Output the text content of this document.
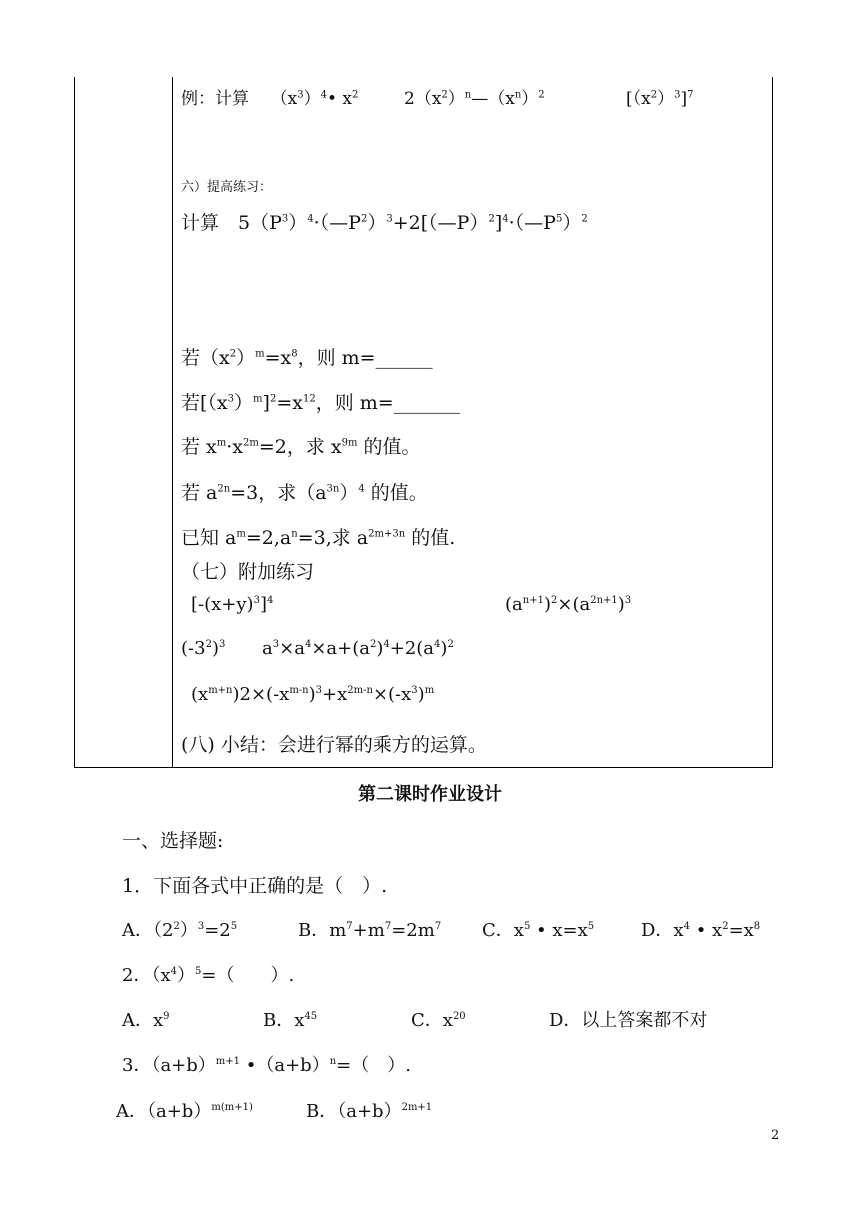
例：计算 $(x^3)^4•$ $x^2$	$2(x^2)^n—(x^n)^2$	$[(x^2)^3]^7$
六）提高练习：
计算　$5(P^3)^4\cdot(—P^2)^3+2[(—P)^2]^4\cdot(—P^5)^2$
若$(x^2)^m=x^8$，则 m=______
若$[(x^3)^m]^2=x^{12}$，则 m=_______
若 $x^m\cdot x^{2m}=2$，求 $x^{9m}$ 的值。
若 $a^{2n}=3$，求$(a^{3n})^4$ 的值。
已知 $a^m=2,a^n=3$,求 $a^{2m+3n}$ 的值.
（七）附加练习
$[-(x+y)^3]^4$	$(a^{n+1})^2\times(a^{2n+1})^3$
$(-3^2)^3$ $a^3\times a^4\times a+(a^2)^4+2(a^4)^2$
$(x^{m+n})2\times(-x^{m-n})^3+x^{2m-n}\times(-x^3)^m$
(八) 小结：会进行幂的乘方的运算。
第二课时作业设计
一、选择题:
1．下面各式中正确的是（　）.
A．$(2^2)^3=2^5$	B．$m^7+m^7=2m^7$ C．$x^5$ • $x=x^5$	D．$x^4$ • $x^2=x^8$
2．$(x^4)^5=$（　　）.
A．$x^9$	B．$x^{45}$	C．$x^{20}$	D．以上答案都不对
3．$(a+b)^{m+1}$ $•(a+b)^n=$（　）.
A．$(a+b)^{m(m+1)}$	B．$(a+b)^{2m+1}$
2
